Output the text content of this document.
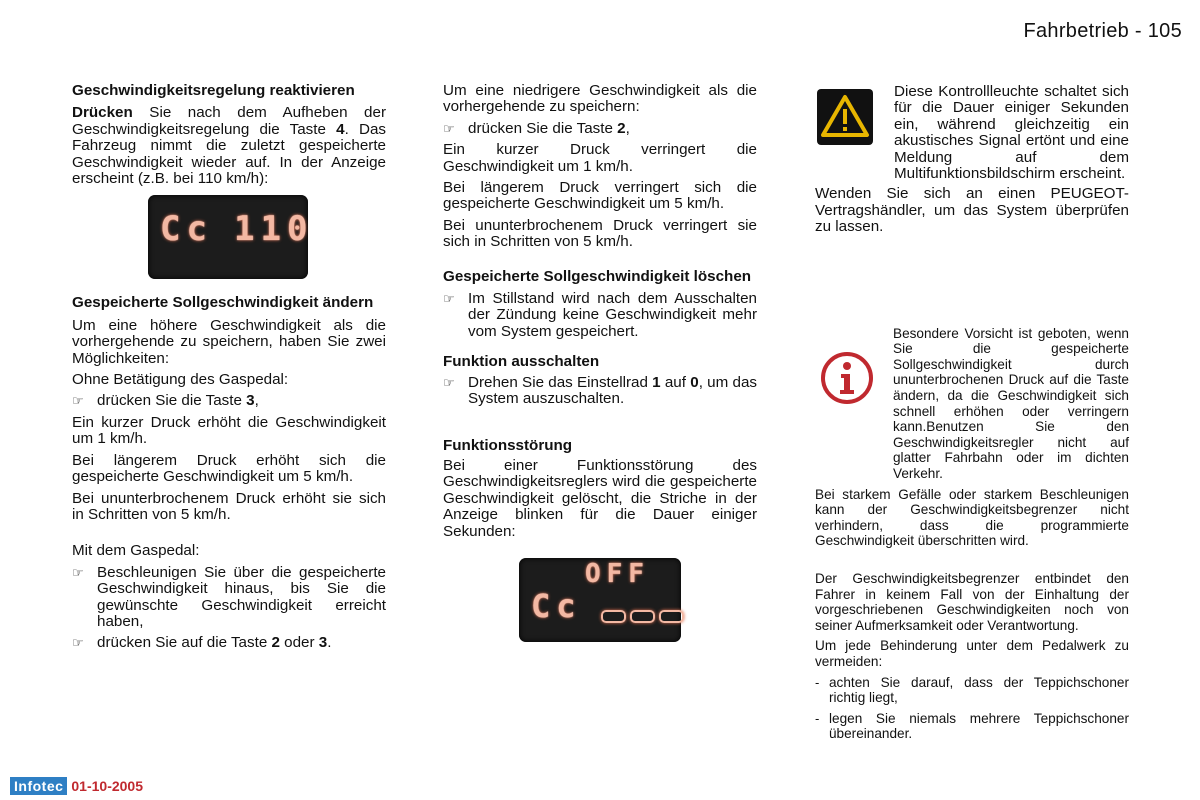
Fahrbetrieb - 105

Geschwindigkeitsregelung reaktivieren

Drücken Sie nach dem Aufheben der Geschwindigkeitsregelung die Taste 4. Das Fahrzeug nimmt die zuletzt gespeicherte Geschwindigkeit wieder auf. In der Anzeige erscheint (z.B. bei 110 km/h):

Cc 110

Gespeicherte Sollgeschwindigkeit ändern

Um eine höhere Geschwindigkeit als die vorhergehende zu speichern, haben Sie zwei Möglichkeiten:

Ohne Betätigung des Gaspedal:

☞ drücken Sie die Taste 3,

Ein kurzer Druck erhöht die Geschwindigkeit um 1 km/h.

Bei längerem Druck erhöht sich die gespeicherte Geschwindigkeit um 5 km/h.

Bei ununterbrochenem Druck erhöht sie sich in Schritten von 5 km/h.

Mit dem Gaspedal:

☞ Beschleunigen Sie über die gespeicherte Geschwindigkeit hinaus, bis Sie die gewünschte Geschwindigkeit erreicht haben,
☞ drücken Sie auf die Taste 2 oder 3.

Um eine niedrigere Geschwindigkeit als die vorhergehende zu speichern:

☞ drücken Sie die Taste 2,

Ein kurzer Druck verringert die Geschwindigkeit um 1 km/h.

Bei längerem Druck verringert sich die gespeicherte Geschwindigkeit um 5 km/h.

Bei ununterbrochenem Druck verringert sie sich in Schritten von 5 km/h.

Gespeicherte Sollgeschwindigkeit löschen

☞ Im Stillstand wird nach dem Ausschalten der Zündung keine Geschwindigkeit mehr vom System gespeichert.

Funktion ausschalten

☞ Drehen Sie das Einstellrad 1 auf 0, um das System auszuschalten.

Funktionsstörung

Bei einer Funktionsstörung des Geschwindigkeitsreglers wird die gespeicherte Geschwindigkeit gelöscht, die Striche in der Anzeige blinken für die Dauer einiger Sekunden:

OFF
Cc

Diese Kontrollleuchte schaltet sich für die Dauer einiger Sekunden ein, während gleichzeitig ein akustisches Signal ertönt und eine Meldung auf dem Multifunktionsbildschirm erscheint.

Wenden Sie sich an einen PEUGEOT-Vertragshändler, um das System überprüfen zu lassen.

Besondere Vorsicht ist geboten, wenn Sie die gespeicherte Sollgeschwindigkeit durch ununterbrochenen Druck auf die Taste ändern, da die Geschwindigkeit sich schnell erhöhen oder verringern kann.Benutzen Sie den Geschwindigkeitsregler nicht auf glatter Fahrbahn oder im dichten Verkehr.

Bei starkem Gefälle oder starkem Beschleunigen kann der Geschwindigkeitsbegrenzer nicht verhindern, dass die programmierte Geschwindigkeit überschritten wird.

Der Geschwindigkeitsbegrenzer entbindet den Fahrer in keinem Fall von der Einhaltung der vorgeschriebenen Geschwindigkeiten noch von seiner Aufmerksamkeit oder Verantwortung.

Um jede Behinderung unter dem Pedalwerk zu vermeiden:

- achten Sie darauf, dass der Teppichschoner richtig liegt,
- legen Sie niemals mehrere Teppichschoner übereinander.
Infotec 01-10-2005
